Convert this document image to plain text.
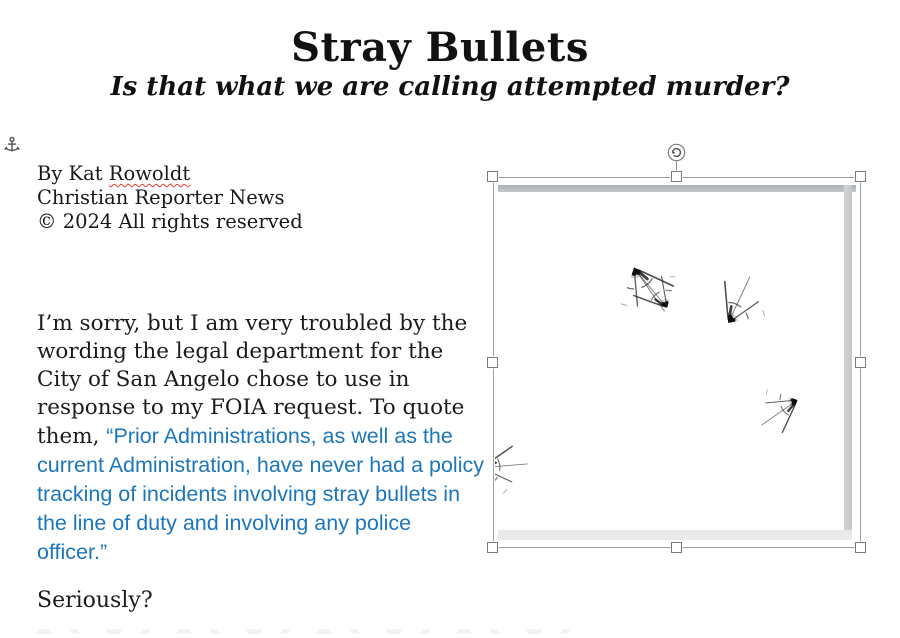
Stray Bullets
Is that what we are calling attempted murder?
By Kat Rowoldt
Christian Reporter News
© 2024 All rights reserved
I’m sorry, but I am very troubled by the wording the legal department for the City of San Angelo chose to use in response to my FOIA request. To quote them, “Prior Administrations, as well as the current Administration, have never had a policy tracking of incidents involving stray bullets in the line of duty and involving any police officer.”
Seriously?
